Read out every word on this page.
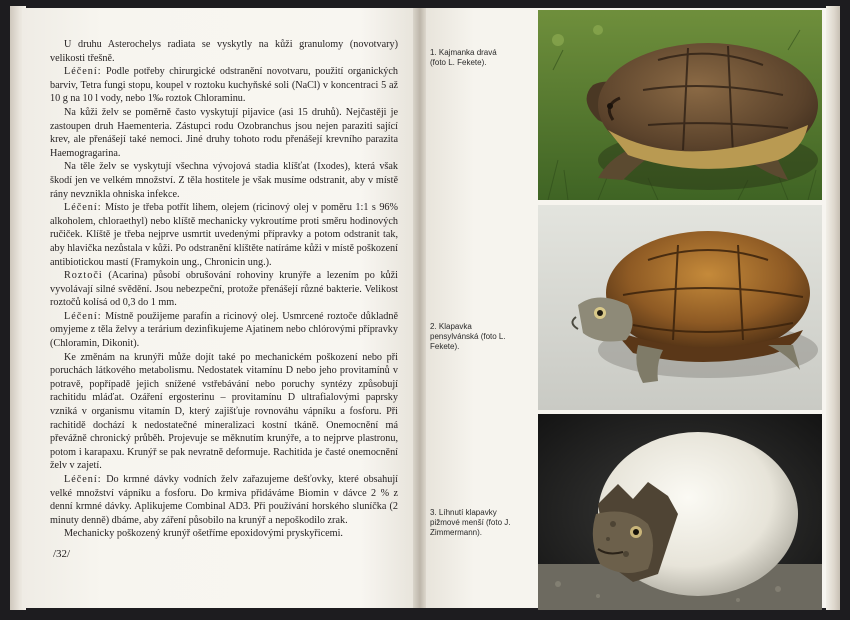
U druhu Asterochelys radiata se vyskytly na kůži granulomy (novotvary) velikosti třešně.

Léčení: Podle potřeby chirurgické odstranění novotvaru, použití organických barviv, Tetra fungi stopu, koupel v roztoku kuchyňské soli (NaCl) v koncentraci 5 až 10 g na 10 l vody, nebo 1‰ roztok Chloraminu.

Na kůži želv se poměrně často vyskytují pijavice (asi 15 druhů). Nejčastěji je zastoupen druh Haementeria. Zástupci rodu Ozobranchus jsou nejen paraziti sající krev, ale přenášejí také nemoci. Jiné druhy tohoto rodu přenášejí krevního parazita Haemogragarina.

Na těle želv se vyskytují všechna vývojová stadia klíšťat (Ixodes), která však škodí jen ve velkém množství. Z těla hostitele je však musíme odstranit, aby v místě rány nevznikla ohniska infekce.

Léčení: Místo je třeba potřít lihem, olejem (ricinový olej v poměru 1:1 s 96% alkoholem, chloraethyl) nebo klíště mechanicky vykroutíme proti směru hodinových ručiček. Klíště je třeba nejprve usmrtit uvedenými přípravky a potom odstranit tak, aby hlavička nezůstala v kůži. Po odstranění klíštěte natíráme kůži v místě poškození antibiotickou mastí (Framykoin ung., Chronicin ung.).

Roztoči (Acarina) působí obrušování rohoviny krunýře a lezením po kůži vyvolávají silné svědění. Jsou nebezpeční, protože přenášejí různé bakterie. Velikost roztočů kolísá od 0,3 do 1 mm.

Léčení: Místně použijeme parafín a ricinový olej. Usmrcené roztoče důkladně omyjeme z těla želvy a terárium dezinfikujeme Ajatinem nebo chlórovými přípravky (Chloramin, Dikonit).

Ke změnám na krunýři může dojít také po mechanickém poškození nebo při poruchách látkového metabolismu. Nedostatek vitamínu D nebo jeho provitamínů v potravě, popřípadě jejich snížené vstřebávání nebo poruchy syntézy způsobují rachitidu mláďat. Ozáření ergosterinu – provitamínu D ultrafialovými paprsky vzniká v organismu vitamín D, který zajišťuje rovnováhu vápníku a fosforu. Při rachitidě dochází k nedostatečné mineralizaci kostní tkáně. Onemocnění má převážně chronický průběh. Projevuje se měknutím krunýře, a to nejprve plastronu, potom i karapaxu. Krunýř se pak nevratně deformuje. Rachitida je časté onemocnění želv v zajetí.

Léčení: Do krmné dávky vodních želv zařazujeme dešťovky, které obsahují velké množství vápníku a fosforu. Do krmiva přidáváme Biomin v dávce 2 % z denní krmné dávky. Aplikujeme Combinal AD3. Při používání horského sluníčka (2 minuty denně) dbáme, aby záření působilo na krunýř a nepoškodilo zrak.

Mechanicky poškozený krunýř ošetříme epoxidovými pryskyřicemi.

/32/
1. Kajmanka dravá (foto L. Fekete).
2. Klapavka pensylvánská (foto L. Fekete).
3. Líhnutí klapavky pižmové menší (foto J. Zimmermann).
